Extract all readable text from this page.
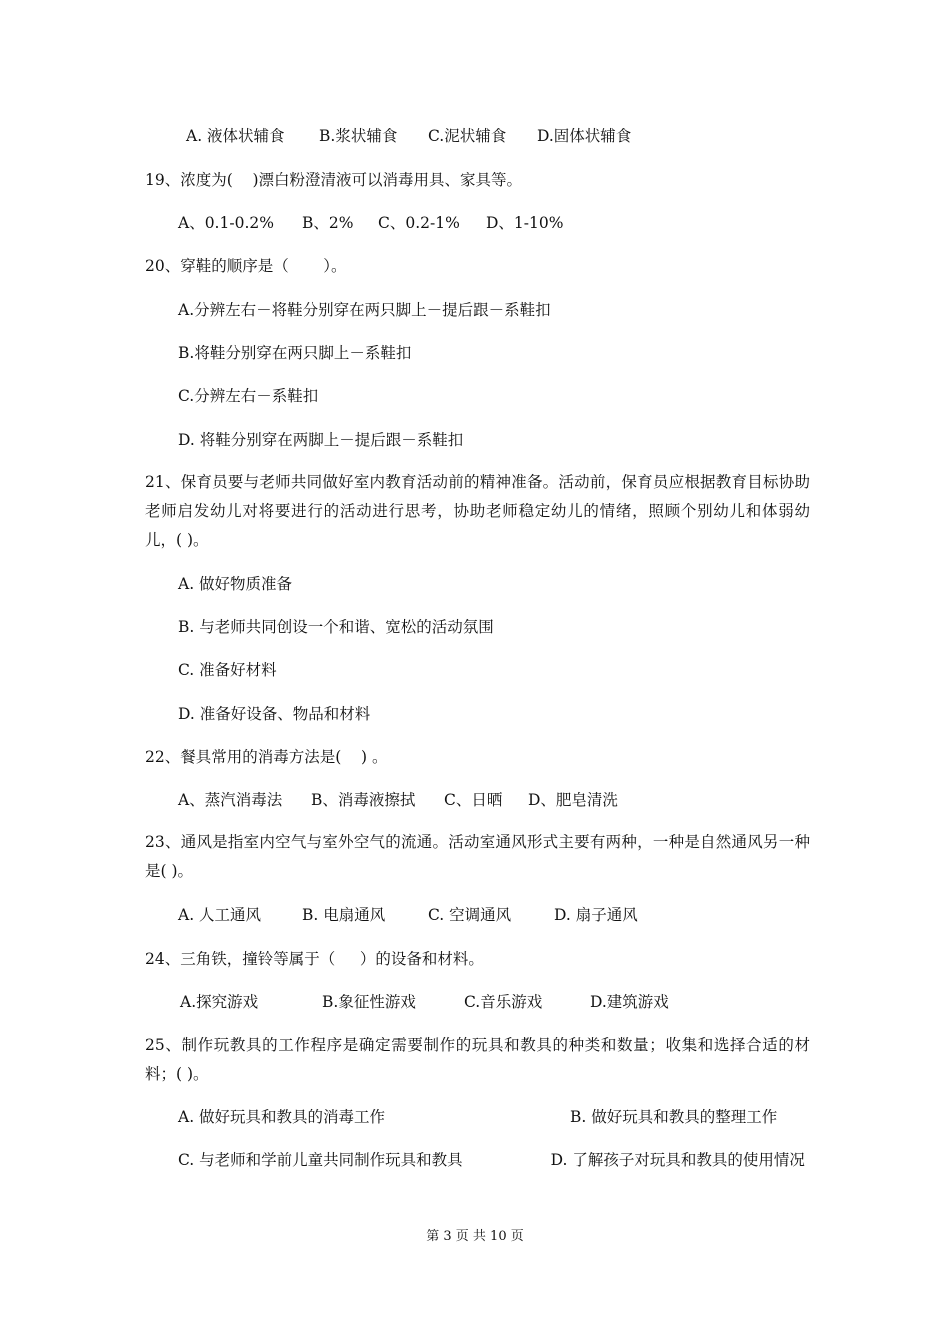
A. 液体状辅食

B.浆状辅食

C.泥状辅食

D.固体状辅食

19、浓度为(    )漂白粉澄清液可以消毒用具、家具等。

A、0.1-0.2%

B、2%

C、0.2-1%

D、1-10%

20、穿鞋的顺序是（       ）。
A.分辨左右－将鞋分别穿在两只脚上－提后跟－系鞋扣
B.将鞋分别穿在两只脚上－系鞋扣
C.分辨左右－系鞋扣
D. 将鞋分别穿在两脚上－提后跟－系鞋扣
21、保育员要与老师共同做好室内教育活动前的精神准备。活动前，保育员应根据教育目标协助老师启发幼儿对将要进行的活动进行思考，协助老师稳定幼儿的情绪，照顾个别幼儿和体弱幼儿，( )。
A. 做好物质准备
B. 与老师共同创设一个和谐、宽松的活动氛围
C. 准备好材料
D. 准备好设备、物品和材料
22、餐具常用的消毒方法是(    ) 。

A、蒸汽消毒法

B、消毒液擦拭

C、日晒

D、肥皂清洗

23、通风是指室内空气与室外空气的流通。活动室通风形式主要有两种，一种是自然通风另一种是( )。

A. 人工通风

	B. 电扇通风

	C. 空调通风

	D. 扇子通风

24、三角铁，撞铃等属于（     ）的设备和材料。

A.探究游戏

	B.象征性游戏

	C.音乐游戏

	D.建筑游戏

25、制作玩教具的工作程序是确定需要制作的玩具和教具的种类和数量；收集和选择合适的材料；( )。

A. 做好玩具和教具的消毒工作

	B. 做好玩具和教具的整理工作

C. 与老师和学前儿童共同制作玩具和教具	D. 了解孩子对玩具和教具的使用情况
第 3 页 共 10 页
